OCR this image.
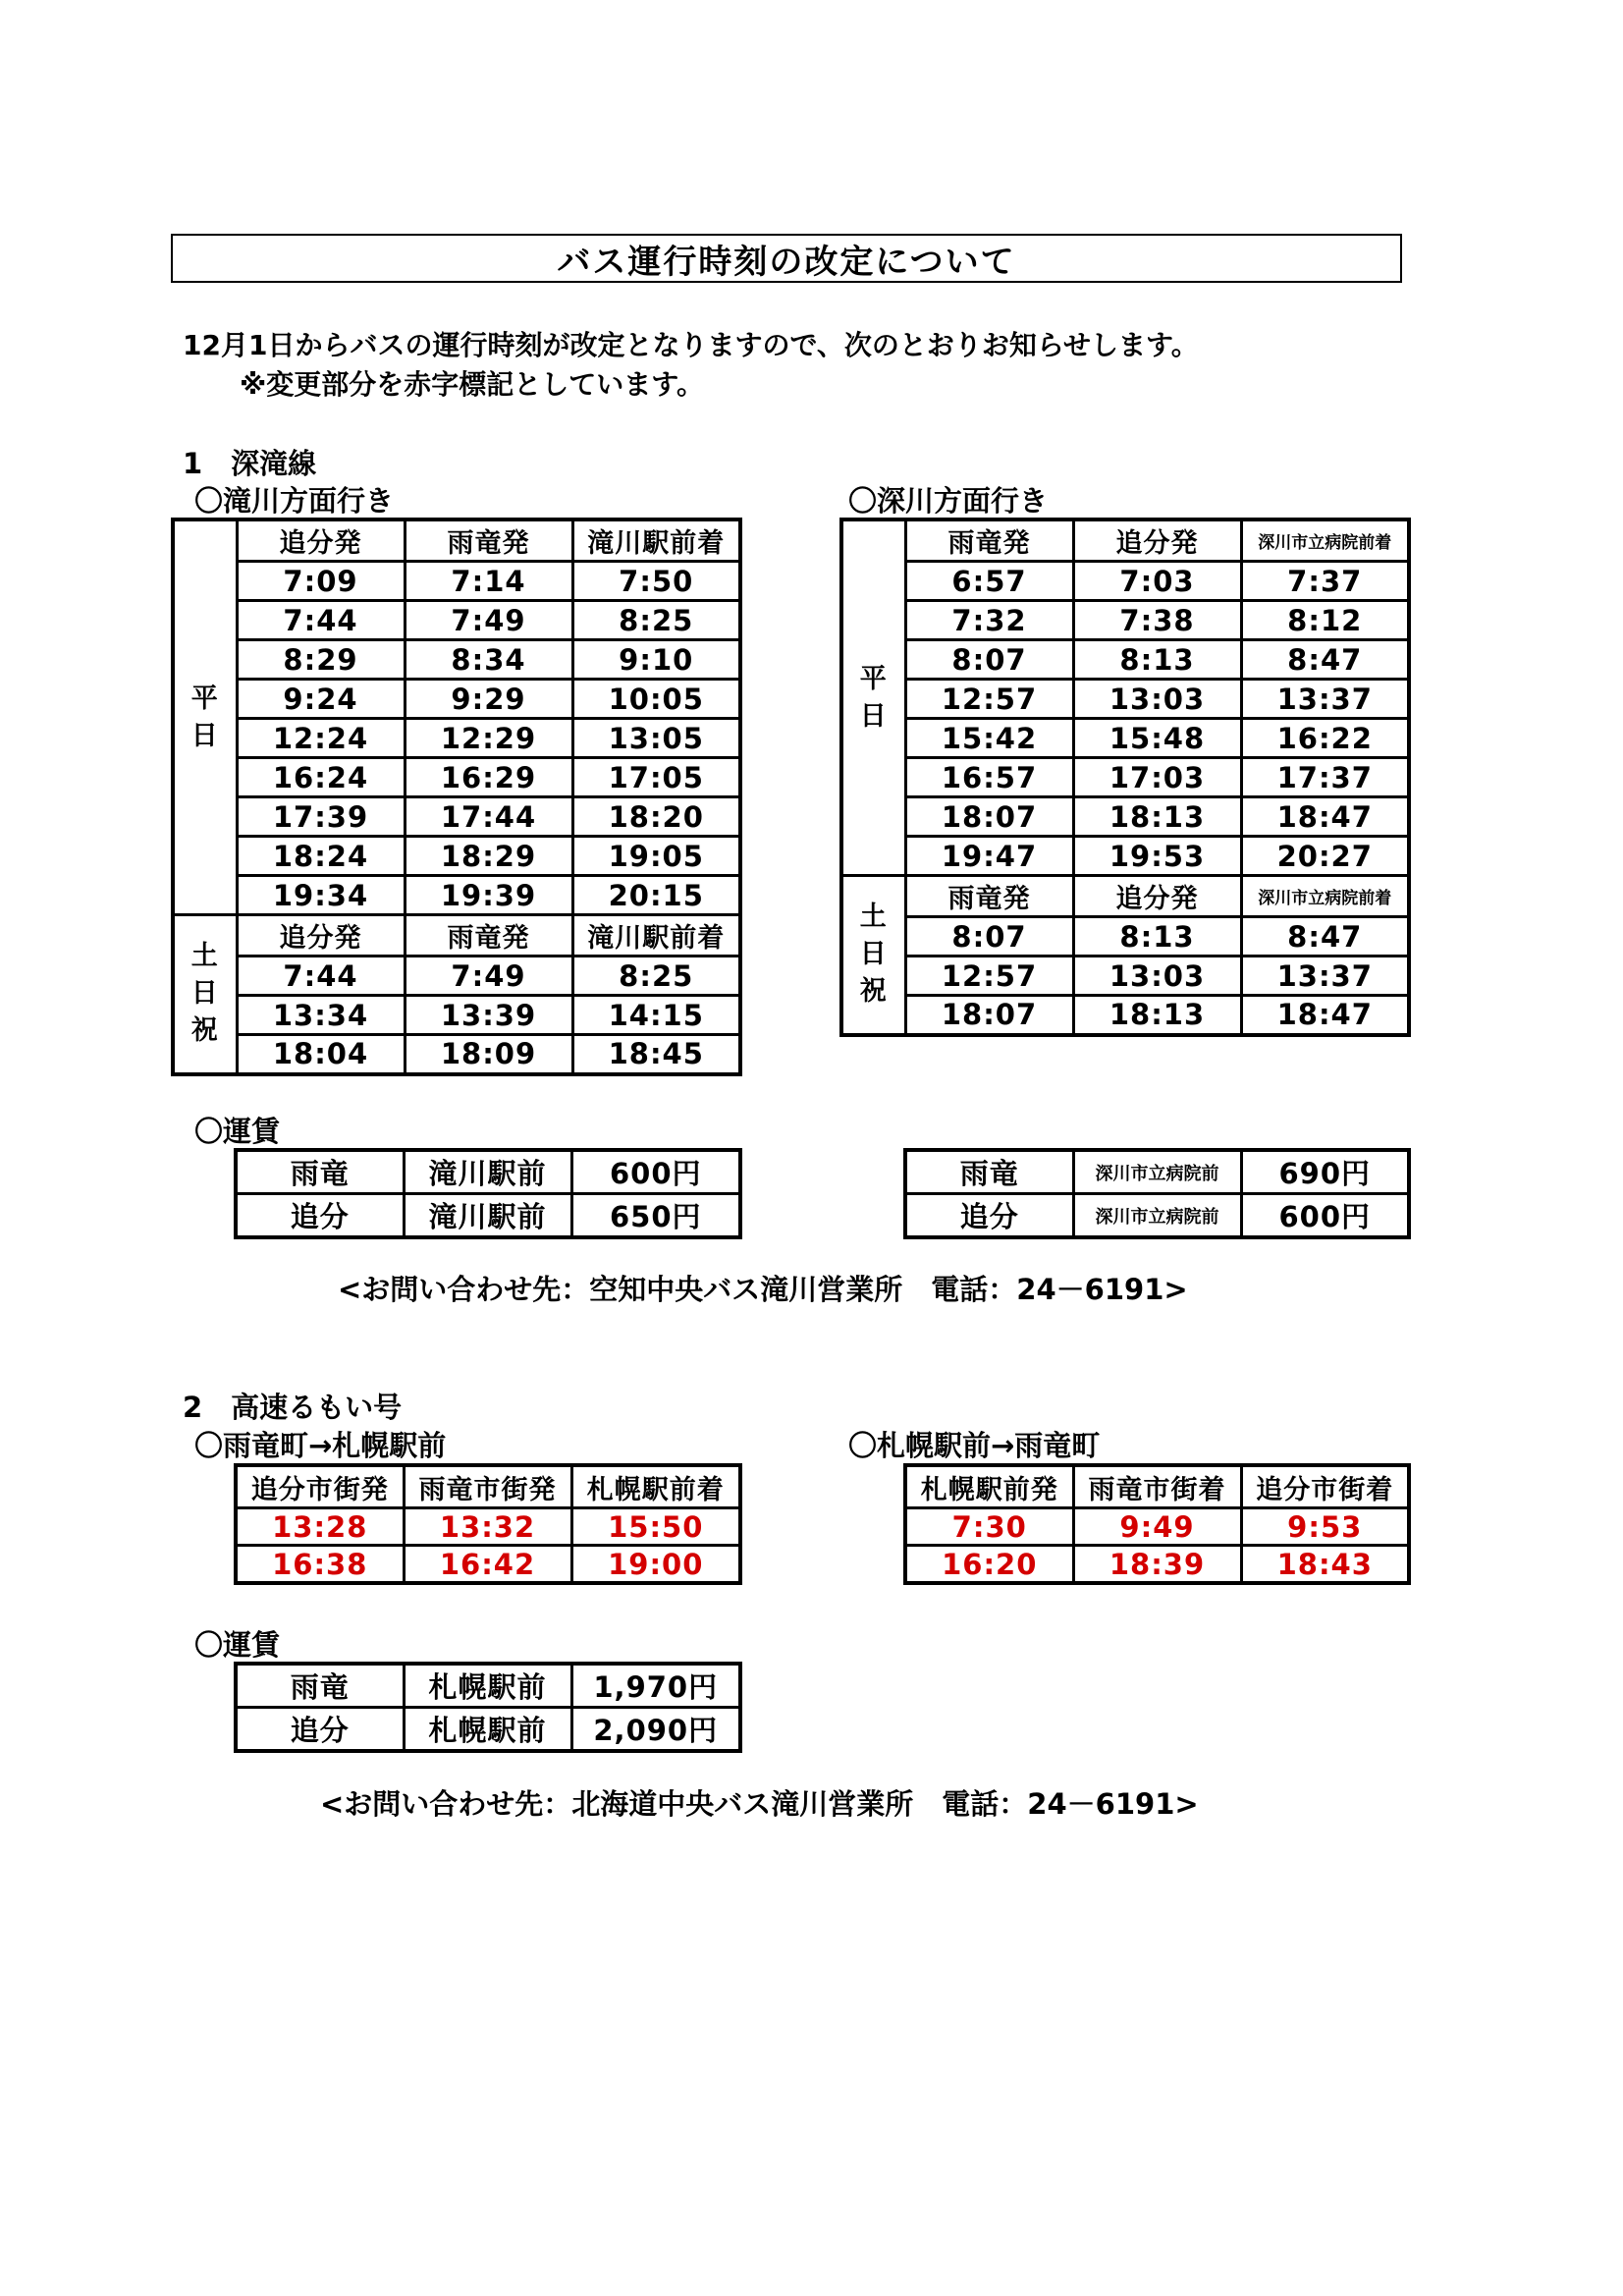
バス運行時刻の改定について
12月1日からバスの運行時刻が改定となりますので、次のとおりお知らせします。
※変更部分を赤字標記としています。
1　深滝線
〇滝川方面行き	〇深川方面行き
平
日	追分発	雨竜発	滝川駅前着
	7:09	7:14	7:50
	7:44	7:49	8:25
	8:29	8:34	9:10
	9:24	9:29	10:05
	12:24	12:29	13:05
	16:24	16:29	17:05
	17:39	17:44	18:20
	18:24	18:29	19:05
	19:34	19:39	20:15
土
日
祝	追分発	雨竜発	滝川駅前着
	7:44	7:49	8:25
	13:34	13:39	14:15
	18:04	18:09	18:45
平
日	雨竜発	追分発	深川市立病院前着
	6:57	7:03	7:37
	7:32	7:38	8:12
	8:07	8:13	8:47
	12:57	13:03	13:37
	15:42	15:48	16:22
	16:57	17:03	17:37
	18:07	18:13	18:47
	19:47	19:53	20:27
土
日
祝	雨竜発	追分発	深川市立病院前着
	8:07	8:13	8:47
	12:57	13:03	13:37
	18:07	18:13	18:47
〇運賃
雨竜	滝川駅前	600円
追分	滝川駅前	650円
雨竜	深川市立病院前	690円
追分	深川市立病院前	600円
<お問い合わせ先：空知中央バス滝川営業所　電話：24－6191>
2　高速るもい号
〇雨竜町→札幌駅前	〇札幌駅前→雨竜町
追分市街発	雨竜市街発	札幌駅前着
13:28	13:32	15:50
16:38	16:42	19:00
札幌駅前発	雨竜市街着	追分市街着
7:30	9:49	9:53
16:20	18:39	18:43
〇運賃
雨竜	札幌駅前	1,970円
追分	札幌駅前	2,090円
<お問い合わせ先：北海道中央バス滝川営業所　電話：24－6191>
